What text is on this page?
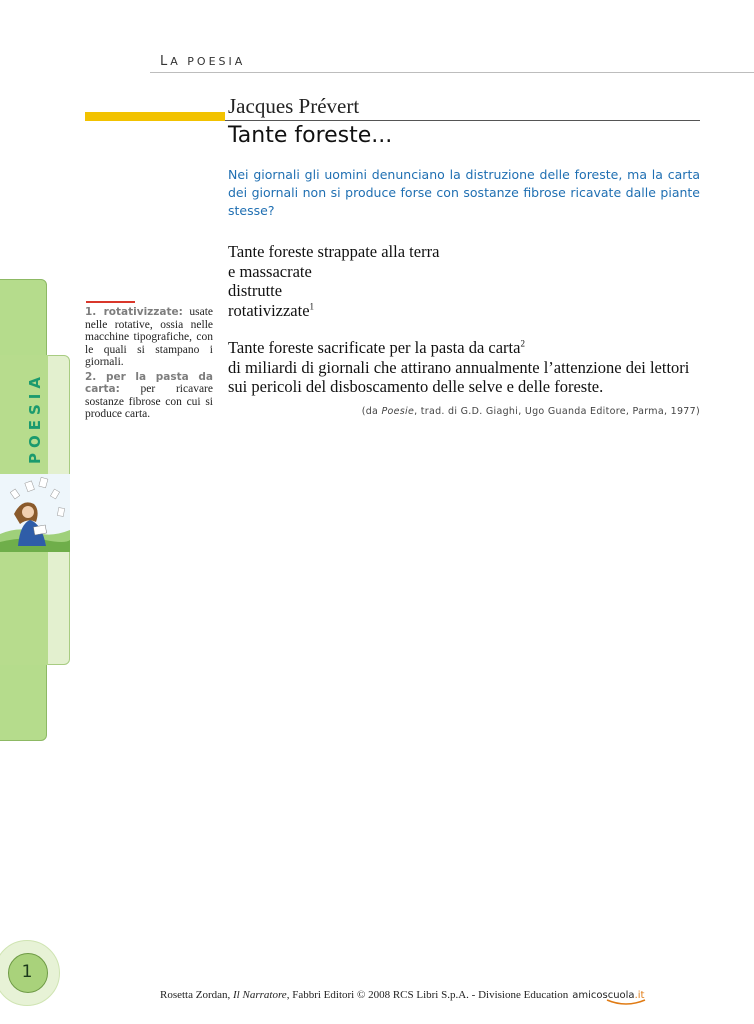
LA POESIA
Jacques Prévert
Tante foreste...
Nei giornali gli uomini denunciano la distruzione delle foreste, ma la carta dei giornali non si produce forse con sostanze fibrose ricavate dalle piante stesse?
Tante foreste strappate alla terra
e massacrate
distrutte
rotativizzate$^1$
Tante foreste sacrificate per la pasta da carta$^2$
di miliardi di giornali che attirano annualmente l’attenzione dei lettori
sui pericoli del disboscamento delle selve e delle foreste.
(da Poesie, trad. di G.D. Giaghi, Ugo Guanda Editore, Parma, 1977)
POESIA

1. rotativizzate: usate nelle rotative, ossia nelle macchine tipografiche, con le quali si stampano i giornali.

2. per la pasta da carta: per ricavare sostanze fibrose con cui si produce carta.

1
Rosetta Zordan, Il Narratore, Fabbri Editori © 2008 RCS Libri S.p.A. - Divisione Education amicoscuola.it
